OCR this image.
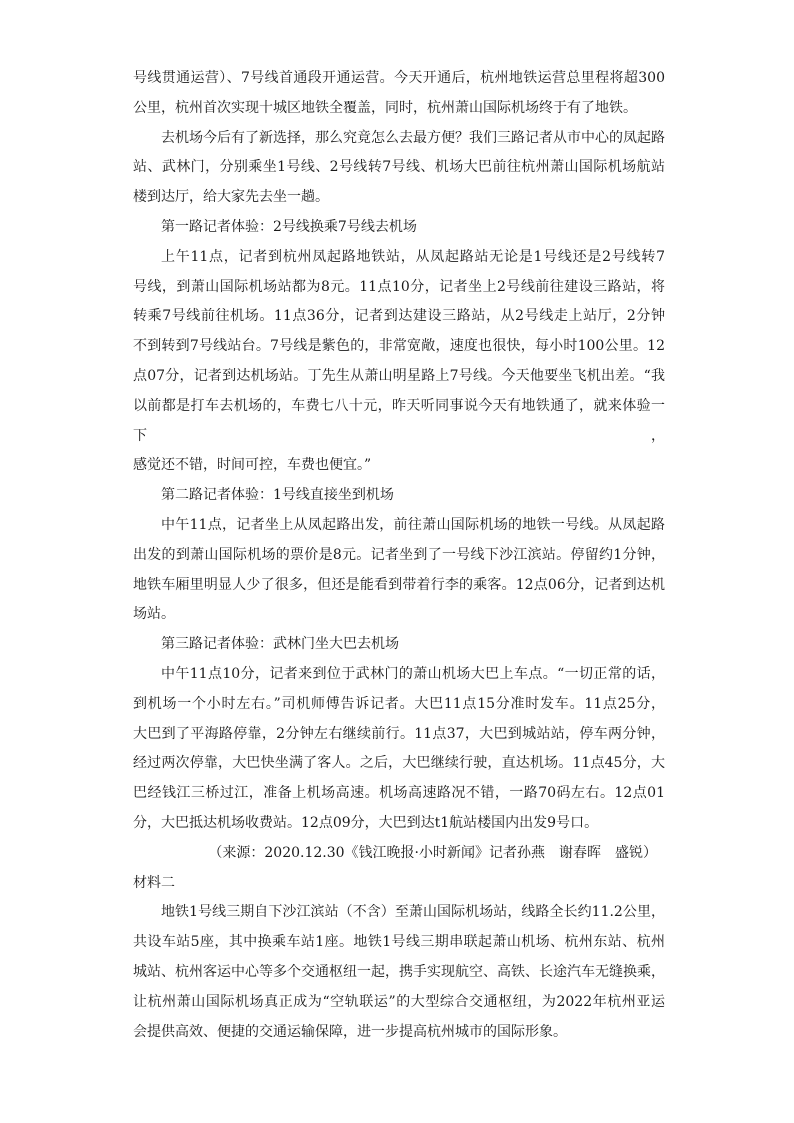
号线贯通运营）、7号线首通段开通运营。今天开通后，杭州地铁运营总里程将超300

公里，杭州首次实现十城区地铁全覆盖，同时，杭州萧山国际机场终于有了地铁。

去机场今后有了新选择，那么究竟怎么去最方便？我们三路记者从市中心的凤起路

站、武林门，分别乘坐1号线、2号线转7号线、机场大巴前往杭州萧山国际机场航站

楼到达厅，给大家先去坐一趟。

第一路记者体验：2号线换乘7号线去机场

上午11点，记者到杭州凤起路地铁站，从凤起路站无论是1号线还是2号线转7

号线，到萧山国际机场站都为8元。11点10分，记者坐上2号线前往建设三路站，将

转乘7号线前往机场。11点36分，记者到达建设三路站，从2号线走上站厅，2分钟

不到转到7号线站台。7号线是紫色的，非常宽敞，速度也很快，每小时100公里。12

点07分，记者到达机场站。丁先生从萧山明星路上7号线。今天他要坐飞机出差。“我

以前都是打车去机场的，车费七八十元，昨天听同事说今天有地铁通了，就来体验一下，

感觉还不错，时间可控，车费也便宜。”

第二路记者体验：1号线直接坐到机场

中午11点，记者坐上从凤起路出发，前往萧山国际机场的地铁一号线。从凤起路

出发的到萧山国际机场的票价是8元。记者坐到了一号线下沙江滨站。停留约1分钟，

地铁车厢里明显人少了很多，但还是能看到带着行李的乘客。12点06分，记者到达机

场站。

第三路记者体验：武林门坐大巴去机场

中午11点10分，记者来到位于武林门的萧山机场大巴上车点。“一切正常的话，

到机场一个小时左右。”司机师傅告诉记者。大巴11点15分准时发车。11点25分，

大巴到了平海路停靠，2分钟左右继续前行。11点37，大巴到城站站，停车两分钟，

经过两次停靠，大巴快坐满了客人。之后，大巴继续行驶，直达机场。11点45分，大

巴经钱江三桥过江，准备上机场高速。机场高速路况不错，一路70码左右。12点01

分，大巴抵达机场收费站。12点09分，大巴到达t1航站楼国内出发9号口。

（来源：2020.12.30《钱江晚报·小时新闻》记者孙燕　谢春晖　盛锐）

材料二

地铁1号线三期自下沙江滨站（不含）至萧山国际机场站，线路全长约11.2公里，

共设车站5座，其中换乘车站1座。地铁1号线三期串联起萧山机场、杭州东站、杭州

城站、杭州客运中心等多个交通枢纽一起，携手实现航空、高铁、长途汽车无缝换乘，

让杭州萧山国际机场真正成为“空轨联运”的大型综合交通枢纽，为2022年杭州亚运

会提供高效、便捷的交通运输保障，进一步提高杭州城市的国际形象。
